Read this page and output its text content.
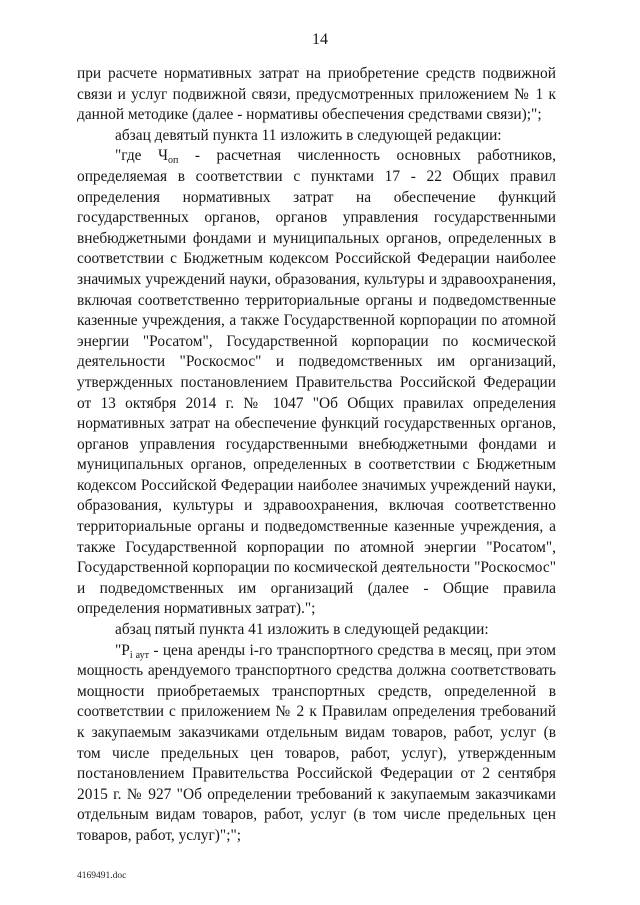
14

при расчете нормативных затрат на приобретение средств подвижной связи и услуг подвижной связи, предусмотренных приложением № 1 к данной методике (далее - нормативы обеспечения средствами связи);";

абзац девятый пункта 11 изложить в следующей редакции:

"где $Ч_{оп}$ - расчетная численность основных работников, определяемая в соответствии с пунктами 17 - 22 Общих правил определения нормативных затрат на обеспечение функций государственных органов, органов управления государственными внебюджетными фондами и муниципальных органов, определенных в соответствии с Бюджетным кодексом Российской Федерации наиболее значимых учреждений науки, образования, культуры и здравоохранения, включая соответственно территориальные органы и подведомственные казенные учреждения, а также Государственной корпорации по атомной энергии "Росатом", Государственной корпорации по космической деятельности "Роскосмос" и подведомственных им организаций, утвержденных постановлением Правительства Российской Федерации от 13 октября 2014 г. № 1047 "Об Общих правилах определения нормативных затрат на обеспечение функций государственных органов, органов управления государственными внебюджетными фондами и муниципальных органов, определенных в соответствии с Бюджетным кодексом Российской Федерации наиболее значимых учреждений науки, образования, культуры и здравоохранения, включая соответственно территориальные органы и подведомственные казенные учреждения, а также Государственной корпорации по атомной энергии "Росатом", Государственной корпорации по космической деятельности "Роскосмос" и подведомственных им организаций (далее - Общие правила определения нормативных затрат).";

абзац пятый пункта 41 изложить в следующей редакции:

"$P_{i аут}$ - цена аренды i-го транспортного средства в месяц, при этом мощность арендуемого транспортного средства должна соответствовать мощности приобретаемых транспортных средств, определенной в соответствии с приложением № 2 к Правилам определения требований к закупаемым заказчиками отдельным видам товаров, работ, услуг (в том числе предельных цен товаров, работ, услуг), утвержденным постановлением Правительства Российской Федерации от 2 сентября 2015 г. № 927 "Об определении требований к закупаемым заказчиками отдельным видам товаров, работ, услуг (в том числе предельных цен товаров, работ, услуг)";";

4169491.doc
